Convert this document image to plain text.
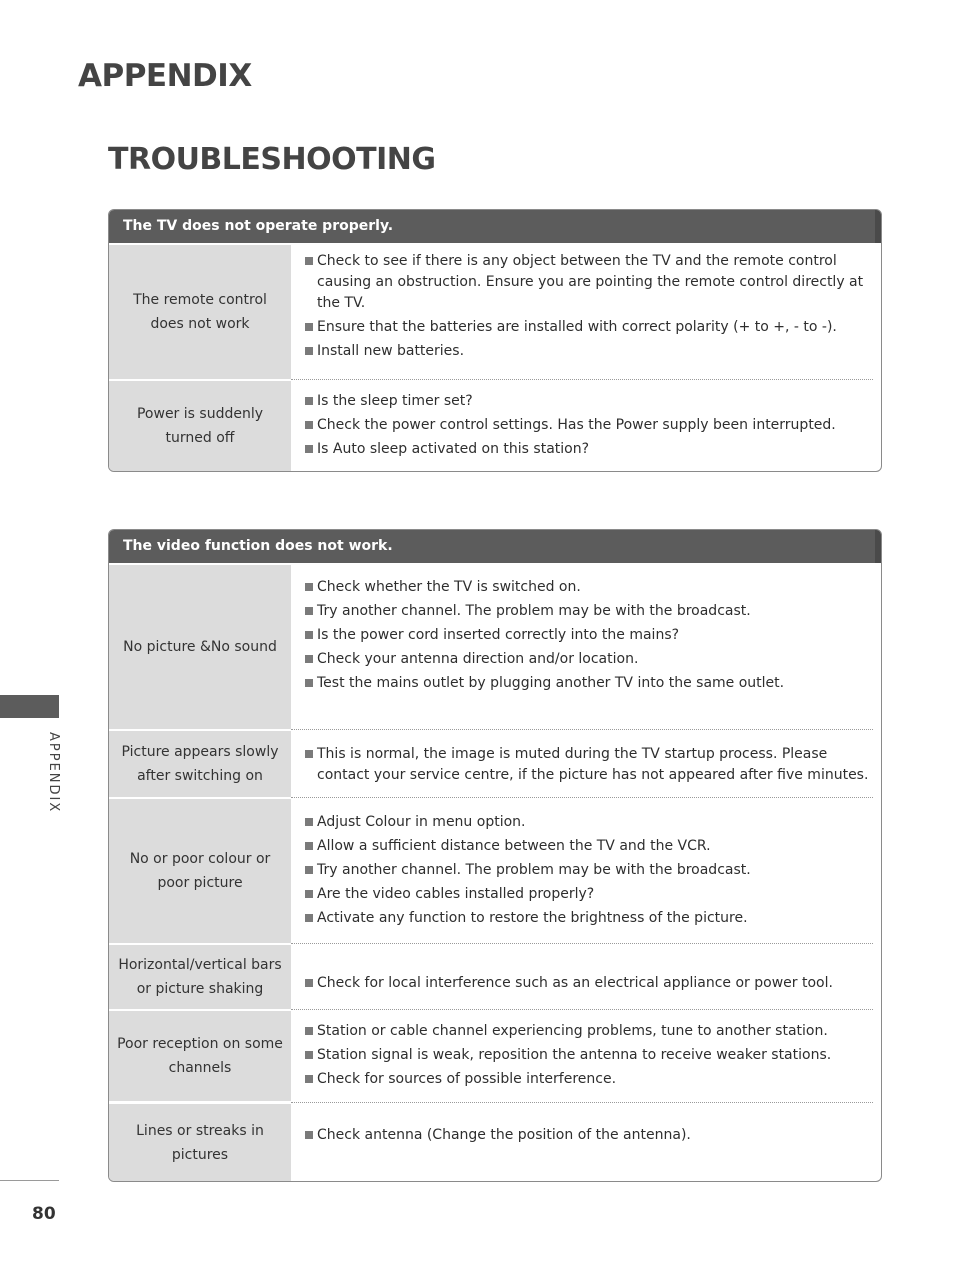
APPENDIX
TROUBLESHOOTING
The TV does not operate properly.
The remote control does not work
Check to see if there is any object between the TV and the remote control causing an obstruction. Ensure you are pointing the remote control directly at the TV.
Ensure that the batteries are installed with correct polarity (+ to +, - to -).
Install new batteries.
Power is suddenly turned off
Is the sleep timer set?
Check the power control settings. Has the Power supply been interrupted.
Is Auto sleep activated on this station?
The video function does not work.
No picture &No sound
Check whether the TV is switched on.
Try another channel. The problem may be with the broadcast.
Is the power cord inserted correctly into the mains?
Check your antenna direction and/or location.
Test the mains outlet by plugging another TV into the same outlet.
Picture appears slowly after switching on
This is normal, the image is muted during the TV startup process. Please contact your service centre, if the picture has not appeared after five minutes.
No or poor colour or poor picture
Adjust Colour in menu option.
Allow a sufficient distance between the TV and the VCR.
Try another channel. The problem may be with the broadcast.
Are the video cables installed properly?
Activate any function to restore the brightness of the picture.
Horizontal/vertical bars or picture shaking	Check for local interference such as an electrical appliance or power tool.
Poor reception on some channels
Station or cable channel experiencing problems, tune to another station.
Station signal is weak, reposition the antenna to receive weaker stations.
Check for sources of possible interference.
Lines or streaks in pictures
Check antenna (Change the position of the antenna).
APPENDIX
80
